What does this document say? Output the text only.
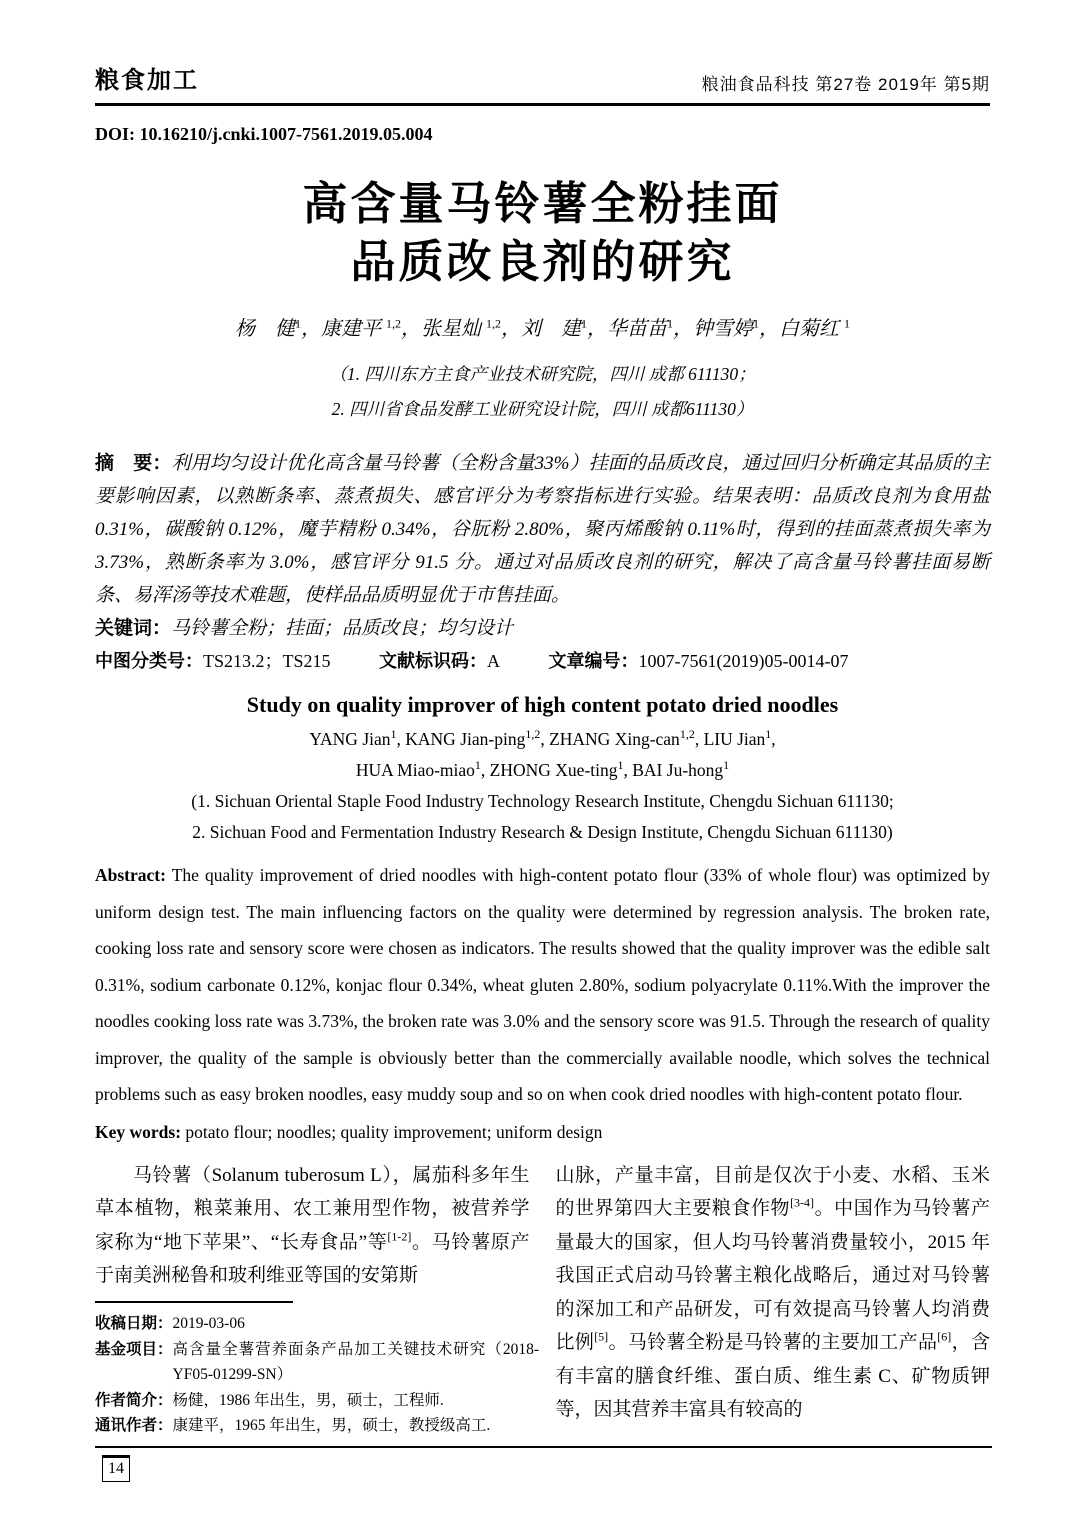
粮食加工	粮油食品科技 第27卷 2019年 第5期
DOI: 10.16210/j.cnki.1007-7561.2019.05.004
高含量马铃薯全粉挂面
品质改良剂的研究
杨　健$^1$，康建平 $^{1,2}$，张星灿 $^{1,2}$，刘　建$^1$，华苗苗$^1$，钟雪婷$^1$，白菊红 $^1$
（1. 四川东方主食产业技术研究院，四川 成都 611130；
2. 四川省食品发酵工业研究设计院，四川 成都611130）
摘　要：利用均匀设计优化高含量马铃薯（全粉含量33%）挂面的品质改良，通过回归分析确定其品质的主要影响因素，以熟断条率、蒸煮损失、感官评分为考察指标进行实验。结果表明：品质改良剂为食用盐 0.31%，碳酸钠 0.12%，魔芋精粉 0.34%，谷朊粉 2.80%，聚丙烯酸钠 0.11%时，得到的挂面蒸煮损失率为 3.73%，熟断条率为 3.0%，感官评分 91.5 分。通过对品质改良剂的研究，解决了高含量马铃薯挂面易断条、易浑汤等技术难题，使样品品质明显优于市售挂面。
关键词：马铃薯全粉；挂面；品质改良；均匀设计
中图分类号：TS213.2；TS215	文献标识码：A	文章编号：1007-7561(2019)05-0014-07
Study on quality improver of high content potato dried noodles
YANG Jian$^1$, KANG Jian-ping$^{1,2}$, ZHANG Xing-can$^{1,2}$, LIU Jian$^1$,
HUA Miao-miao$^1$, ZHONG Xue-ting$^1$, BAI Ju-hong$^1$
(1. Sichuan Oriental Staple Food Industry Technology Research Institute, Chengdu Sichuan 611130;
2. Sichuan Food and Fermentation Industry Research & Design Institute, Chengdu Sichuan 611130)
Abstract: The quality improvement of dried noodles with high-content potato flour (33% of whole flour) was optimized by uniform design test. The main influencing factors on the quality were determined by regression analysis. The broken rate, cooking loss rate and sensory score were chosen as indicators. The results showed that the quality improver was the edible salt 0.31%, sodium carbonate 0.12%, konjac flour 0.34%, wheat gluten 2.80%, sodium polyacrylate 0.11%.With the improver the noodles cooking loss rate was 3.73%, the broken rate was 3.0% and the sensory score was 91.5. Through the research of quality improver, the quality of the sample is obviously better than the commercially available noodle, which solves the technical problems such as easy broken noodles, easy muddy soup and so on when cook dried noodles with high-content potato flour.
Key words: potato flour; noodles; quality improvement; uniform design

马铃薯（Solanum tuberosum L），属茄科多年生草本植物，粮菜兼用、农工兼用型作物，被营养学家称为“地下苹果”、“长寿食品”等[1-2]。马铃薯原产于南美洲秘鲁和玻利维亚等国的安第斯

山脉，产量丰富，目前是仅次于小麦、水稻、玉米的世界第四大主要粮食作物[3-4]。中国作为马铃薯产量最大的国家，但人均马铃薯消费量较小，2015 年我国正式启动马铃薯主粮化战略后，通过对马铃薯的深加工和产品研发，可有效提高马铃薯人均消费比例[5]。马铃薯全粉是马铃薯的主要加工产品[6]，含有丰富的膳食纤维、蛋白质、维生素 C、矿物质钾等，因其营养丰富具有较高的

收稿日期： 2019-03-06
基金项目： 高含量全薯营养面条产品加工关键技术研究（2018-YF05-01299-SN）
作者简介： 杨健，1986 年出生，男，硕士，工程师.
通讯作者： 康建平，1965 年出生，男，硕士，教授级高工.
14
